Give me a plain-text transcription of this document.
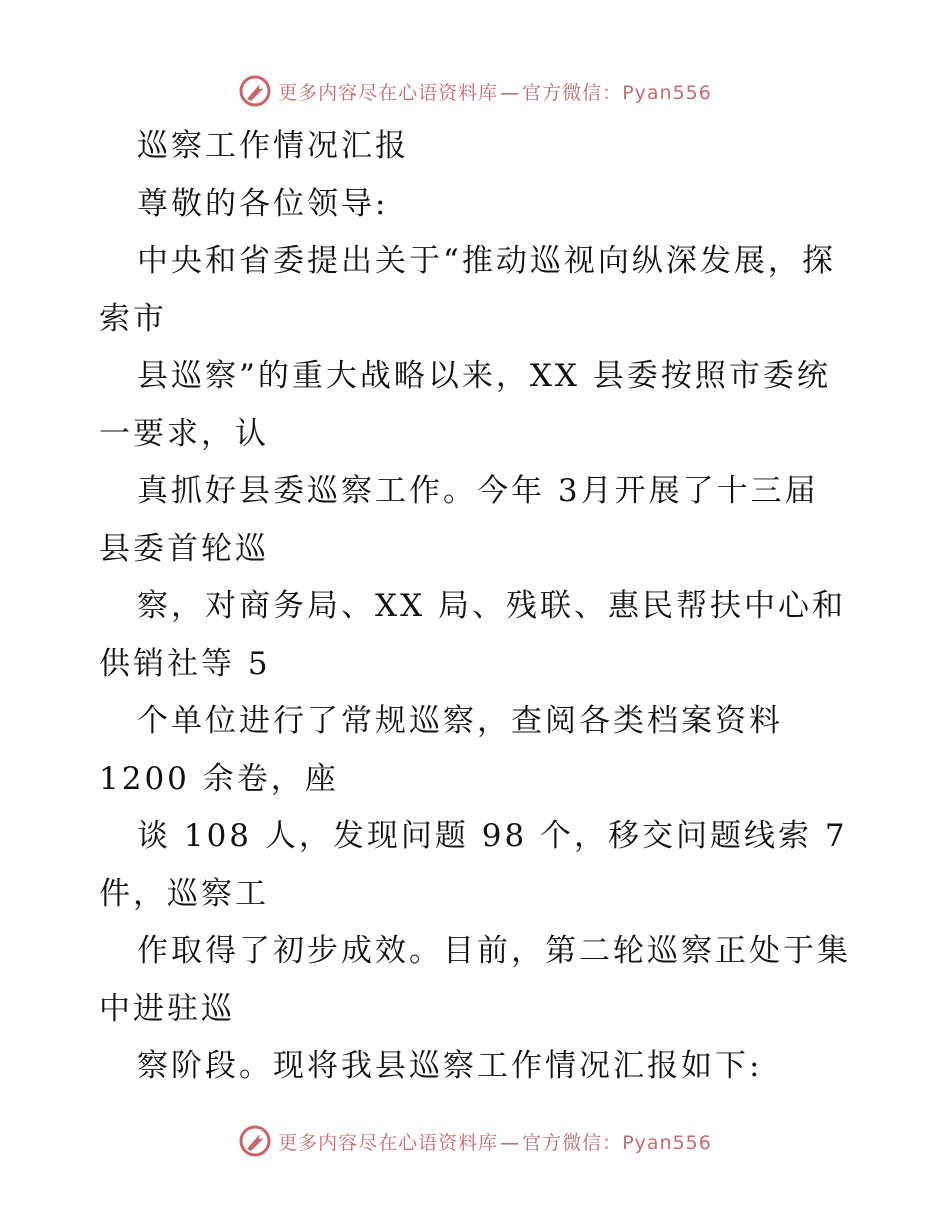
更多内容尽在心语资料库 — 官方微信：Pyan556
巡察工作情况汇报
尊敬的各位领导:
中央和省委提出关于“推动巡视向纵深发展，探
索市
县巡察”的重大战略以来，XX 县委按照市委统
一要求，认
真抓好县委巡察工作。今年 3月开展了十三届
县委首轮巡
察，对商务局、XX 局、残联、惠民帮扶中心和
供销社等 5
个单位进行了常规巡察，查阅各类档案资料
1200 余卷，座
谈 108 人，发现问题 98 个，移交问题线索 7
件，巡察工
作取得了初步成效。目前，第二轮巡察正处于集
中进驻巡
察阶段。现将我县巡察工作情况汇报如下:
更多内容尽在心语资料库 — 官方微信：Pyan556
